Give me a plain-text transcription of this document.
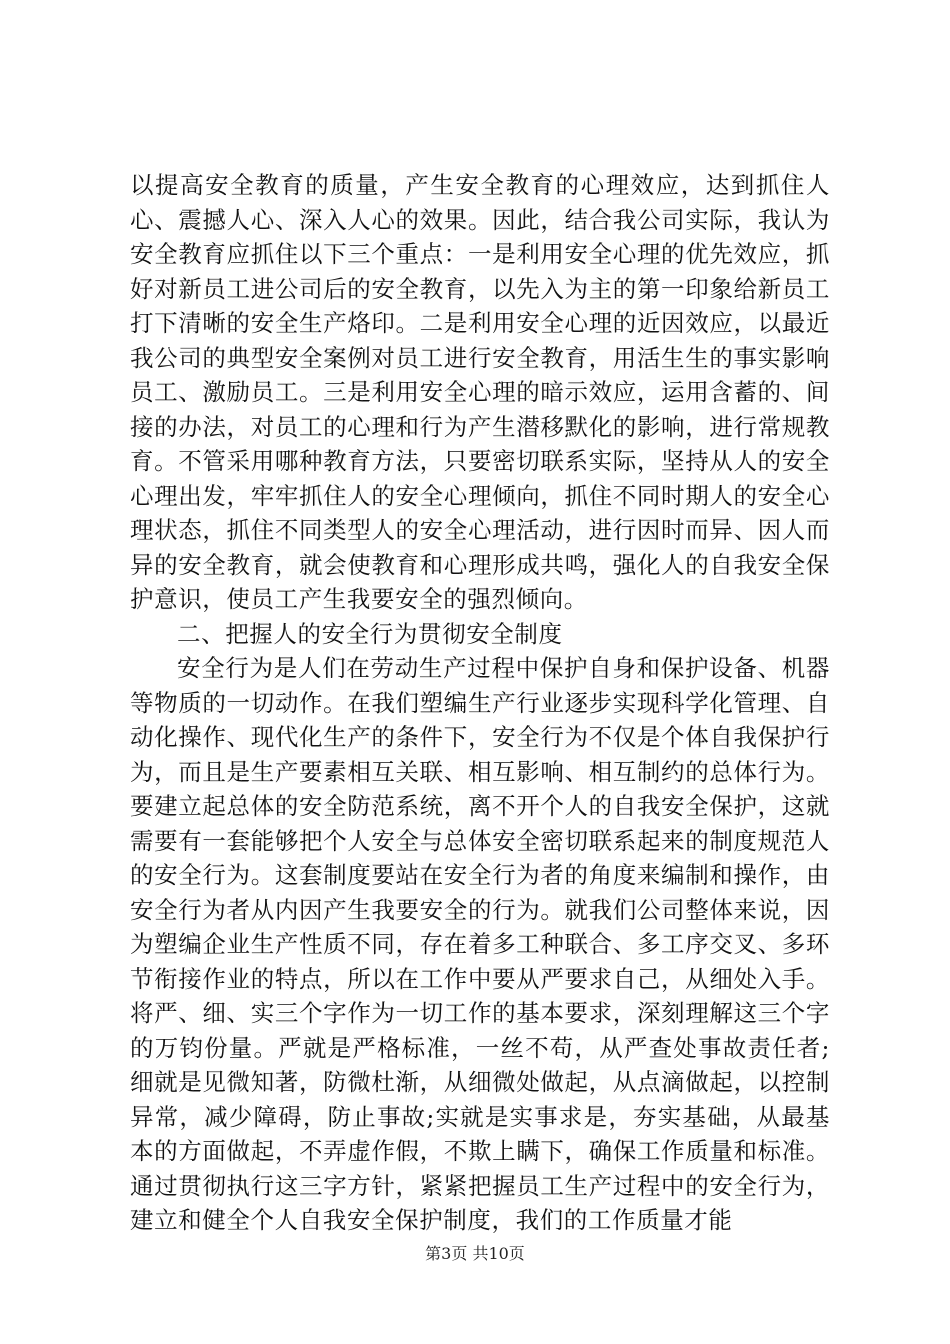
以提高安全教育的质量，产生安全教育的心理效应，达到抓住人心、震撼人心、深入人心的效果。因此，结合我公司实际，我认为安全教育应抓住以下三个重点：一是利用安全心理的优先效应，抓好对新员工进公司后的安全教育，以先入为主的第一印象给新员工打下清晰的安全生产烙印。二是利用安全心理的近因效应，以最近我公司的典型安全案例对员工进行安全教育，用活生生的事实影响员工、激励员工。三是利用安全心理的暗示效应，运用含蓄的、间接的办法，对员工的心理和行为产生潜移默化的影响，进行常规教育。不管采用哪种教育方法，只要密切联系实际，坚持从人的安全心理出发，牢牢抓住人的安全心理倾向，抓住不同时期人的安全心理状态，抓住不同类型人的安全心理活动，进行因时而异、因人而异的安全教育，就会使教育和心理形成共鸣，强化人的自我安全保护意识，使员工产生我要安全的强烈倾向。

二、把握人的安全行为贯彻安全制度

安全行为是人们在劳动生产过程中保护自身和保护设备、机器等物质的一切动作。在我们塑编生产行业逐步实现科学化管理、自动化操作、现代化生产的条件下，安全行为不仅是个体自我保护行为，而且是生产要素相互关联、相互影响、相互制约的总体行为。要建立起总体的安全防范系统，离不开个人的自我安全保护，这就需要有一套能够把个人安全与总体安全密切联系起来的制度规范人的安全行为。这套制度要站在安全行为者的角度来编制和操作，由安全行为者从内因产生我要安全的行为。就我们公司整体来说，因为塑编企业生产性质不同，存在着多工种联合、多工序交叉、多环节衔接作业的特点，所以在工作中要从严要求自己，从细处入手。将严、细、实三个字作为一切工作的基本要求，深刻理解这三个字的万钧份量。严就是严格标准，一丝不苟，从严查处事故责任者;细就是见微知著，防微杜渐，从细微处做起，从点滴做起，以控制异常，减少障碍，防止事故;实就是实事求是，夯实基础，从最基本的方面做起，不弄虚作假，不欺上瞒下，确保工作质量和标准。通过贯彻执行这三字方针，紧紧把握员工生产过程中的安全行为，建立和健全个人自我安全保护制度，我们的工作质量才能

第3页 共10页
